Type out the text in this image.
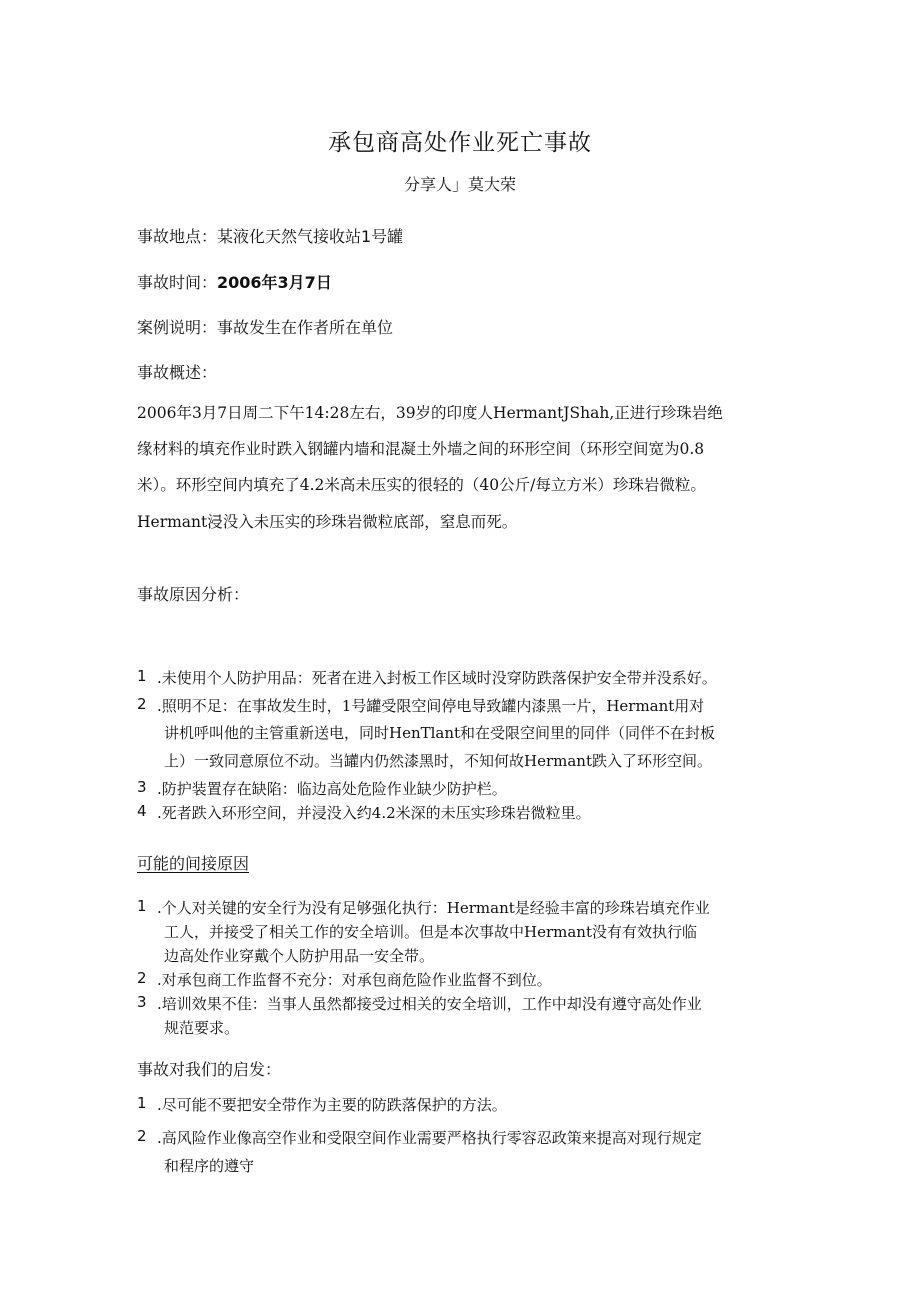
承包商高处作业死亡事故
分享人」莫大荣
事故地点：某液化天然气接收站1号罐
事故时间：2006年3月7日
案例说明：事故发生在作者所在单位
事故概述：
2006年3月7日周二下午14:28左右，39岁的印度人HermantJShah,正进行珍珠岩绝
缘材料的填充作业时跌入钢罐内墙和混凝土外墙之间的环形空间（环形空间宽为0.8
米）。环形空间内填充了4.2米高未压实的很轻的（40公斤/每立方米）珍珠岩微粒。
Hermant浸没入未压实的珍珠岩微粒底部，窒息而死。
事故原因分析：
1 .未使用个人防护用品：死者在进入封板工作区域时没穿防跌落保护安全带并没系好。
2 .照明不足：在事故发生时，1号罐受限空间停电导致罐内漆黑一片，Hermant用对
讲机呼叫他的主管重新送电，同时HenTlant和在受限空间里的同伴（同伴不在封板
上）一致同意原位不动。当罐内仍然漆黑时，不知何故Hermant跌入了环形空间。
3 .防护装置存在缺陷：临边高处危险作业缺少防护栏。
4 .死者跌入环形空间，并浸没入约4.2米深的未压实珍珠岩微粒里。
可能的间接原因
1 .个人对关键的安全行为没有足够强化执行：Hermant是经验丰富的珍珠岩填充作业
工人，并接受了相关工作的安全培训。但是本次事故中Hermant没有有效执行临
边高处作业穿戴个人防护用品一安全带。
2 .对承包商工作监督不充分：对承包商危险作业监督不到位。
3 .培训效果不佳：当事人虽然都接受过相关的安全培训，工作中却没有遵守高处作业
规范要求。
事故对我们的启发：
1 .尽可能不要把安全带作为主要的防跌落保护的方法。
2 .高风险作业像高空作业和受限空间作业需要严格执行零容忍政策来提高对现行规定
和程序的遵守
